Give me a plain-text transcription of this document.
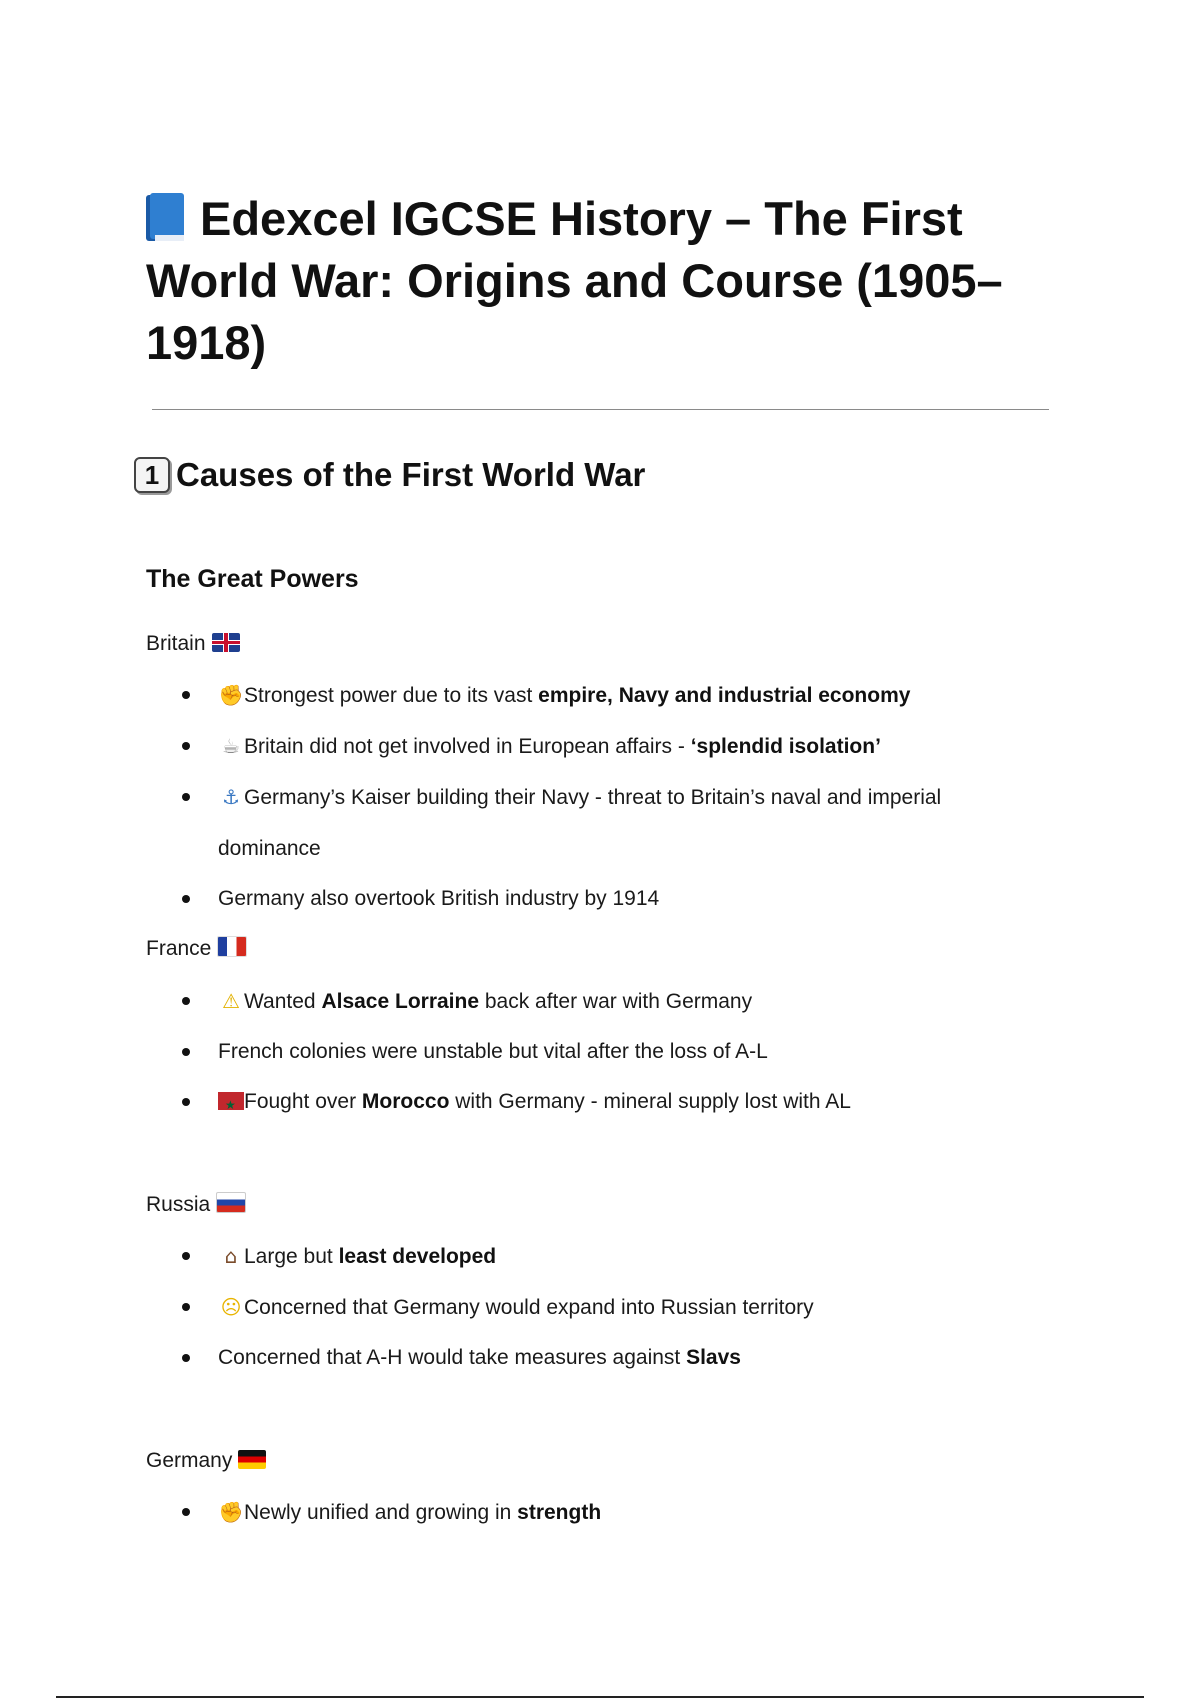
Edexcel IGCSE History – The First World War: Origins and Course (1905–1918)
1 Causes of the First World War
The Great Powers

Britain

✊Strongest power due to its vast empire, Navy and industrial economy

☕ Britain did not get involved in European affairs - ‘splendid isolation’

⚓ Germany’s Kaiser building their Navy - threat to Britain’s naval and imperial
dominance

Germany also overtook British industry by 1914

France

⚠ Wanted Alsace Lorraine back after war with Germany

French colonies were unstable but vital after the loss of A-L

★Fought over Morocco with Germany - mineral supply lost with AL

Russia

⌂ Large but least developed

☹ Concerned that Germany would expand into Russian territory

Concerned that A-H would take measures against Slavs

Germany

✊Newly unified and growing in strength
